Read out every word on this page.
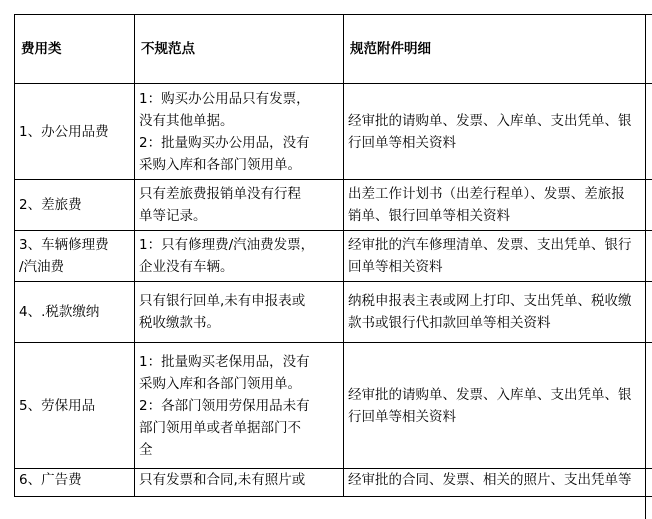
费用类	不规范点	规范附件明细

1、办公用品费	1：购买办公用品只有发票，
没有其他单据。
2：批量购买办公用品，没有
采购入库和各部门领用单。	经审批的请购单、发票、入库单、支出凭单、银
行回单等相关资料

2、差旅费	只有差旅费报销单没有行程
单等记录。	出差工作计划书（出差行程单）、发票、差旅报
销单、银行回单等相关资料

3、车辆修理费
/汽油费	1：只有修理费/汽油费发票，
企业没有车辆。	经审批的汽车修理清单、发票、支出凭单、银行
回单等相关资料

4、.税款缴纳	只有银行回单,未有申报表或
税收缴款书。	纳税申报表主表或网上打印、支出凭单、税收缴
款书或银行代扣款回单等相关资料

5、劳保用品	1：批量购买老保用品，没有
采购入库和各部门领用单。
2：各部门领用劳保用品未有
部门领用单或者单据部门不
全	经审批的请购单、发票、入库单、支出凭单、银
行回单等相关资料

6、广告费	只有发票和合同,未有照片或	经审批的合同、发票、相关的照片、支出凭单等
